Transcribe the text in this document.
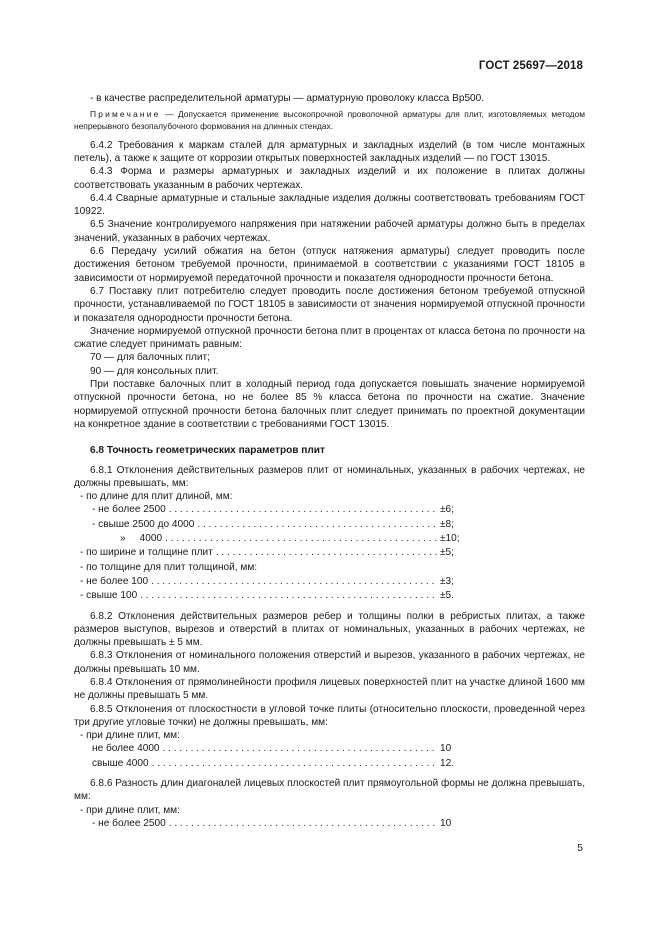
ГОСТ 25697—2018

- в качестве распределительной арматуры — арматурную проволоку класса Вр500.

Примечание — Допускается применение высокопрочной проволочной арматуры для плит, изготовляемых методом непрерывного безопалубочного формования на длинных стендах.

6.4.2 Требования к маркам сталей для арматурных и закладных изделий (в том числе монтажных петель), а также к защите от коррозии открытых поверхностей закладных изделий — по ГОСТ 13015.

6.4.3 Форма и размеры арматурных и закладных изделий и их положение в плитах должны соответствовать указанным в рабочих чертежах.

6.4.4 Сварные арматурные и стальные закладные изделия должны соответствовать требованиям ГОСТ 10922.

6.5 Значение контролируемого напряжения при натяжении рабочей арматуры должно быть в пределах значений, указанных в рабочих чертежах.

6.6 Передачу усилий обжатия на бетон (отпуск натяжения арматуры) следует проводить после достижения бетоном требуемой прочности, принимаемой в соответствии с указаниями ГОСТ 18105 в зависимости от нормируемой передаточной прочности и показателя однородности прочности бетона.

6.7 Поставку плит потребителю следует проводить после достижения бетоном требуемой отпускной прочности, устанавливаемой по ГОСТ 18105 в зависимости от значения нормируемой отпускной прочности и показателя однородности прочности бетона.

Значение нормируемой отпускной прочности бетона плит в процентах от класса бетона по прочности на сжатие следует принимать равным:

70 — для балочных плит;

90 — для консольных плит.

При поставке балочных плит в холодный период года допускается повышать значение нормируемой отпускной прочности бетона, но не более 85 % класса бетона по прочности на сжатие. Значение нормируемой отпускной прочности бетона балочных плит следует принимать по проектной документации на конкретное здание в соответствии с требованиями ГОСТ 13015.

6.8 Точность геометрических параметров плит

6.8.1 Отклонения действительных размеров плит от номинальных, указанных в рабочих чертежах, не должны превышать, мм:

- по длине для плит длиной, мм:

- не более 2500 . . .	±6;
- свыше 2500 до 4000 . . .	±8;
»     4000 . . .	±10;
- по ширине и толщине плит . . .	±5;

- по толщине для плит толщиной, мм:

- не более 100 . . .	±3;
- свыше 100 . . .	±5.

6.8.2 Отклонения действительных размеров ребер и толщины полки в ребристых плитах, а также размеров выступов, вырезов и отверстий в плитах от номинальных, указанных в рабочих чертежах, не должны превышать ± 5 мм.

6.8.3 Отклонения от номинального положения отверстий и вырезов, указанного в рабочих чертежах, не должны превышать 10 мм.

6.8.4 Отклонения от прямолинейности профиля лицевых поверхностей плит на участке длиной 1600 мм не должны превышать 5 мм.

6.8.5 Отклонения от плоскостности в угловой точке плиты (относительно плоскости, проведенной через три другие угловые точки) не должны превышать, мм:

- при длине плит, мм:

не более 4000 . . .	10
свыше 4000 . . .	12.

6.8.6 Разность длин диагоналей лицевых плоскостей плит прямоугольной формы не должна превышать, мм:

- при длине плит, мм:

- не более 2500 . . .	10
5
